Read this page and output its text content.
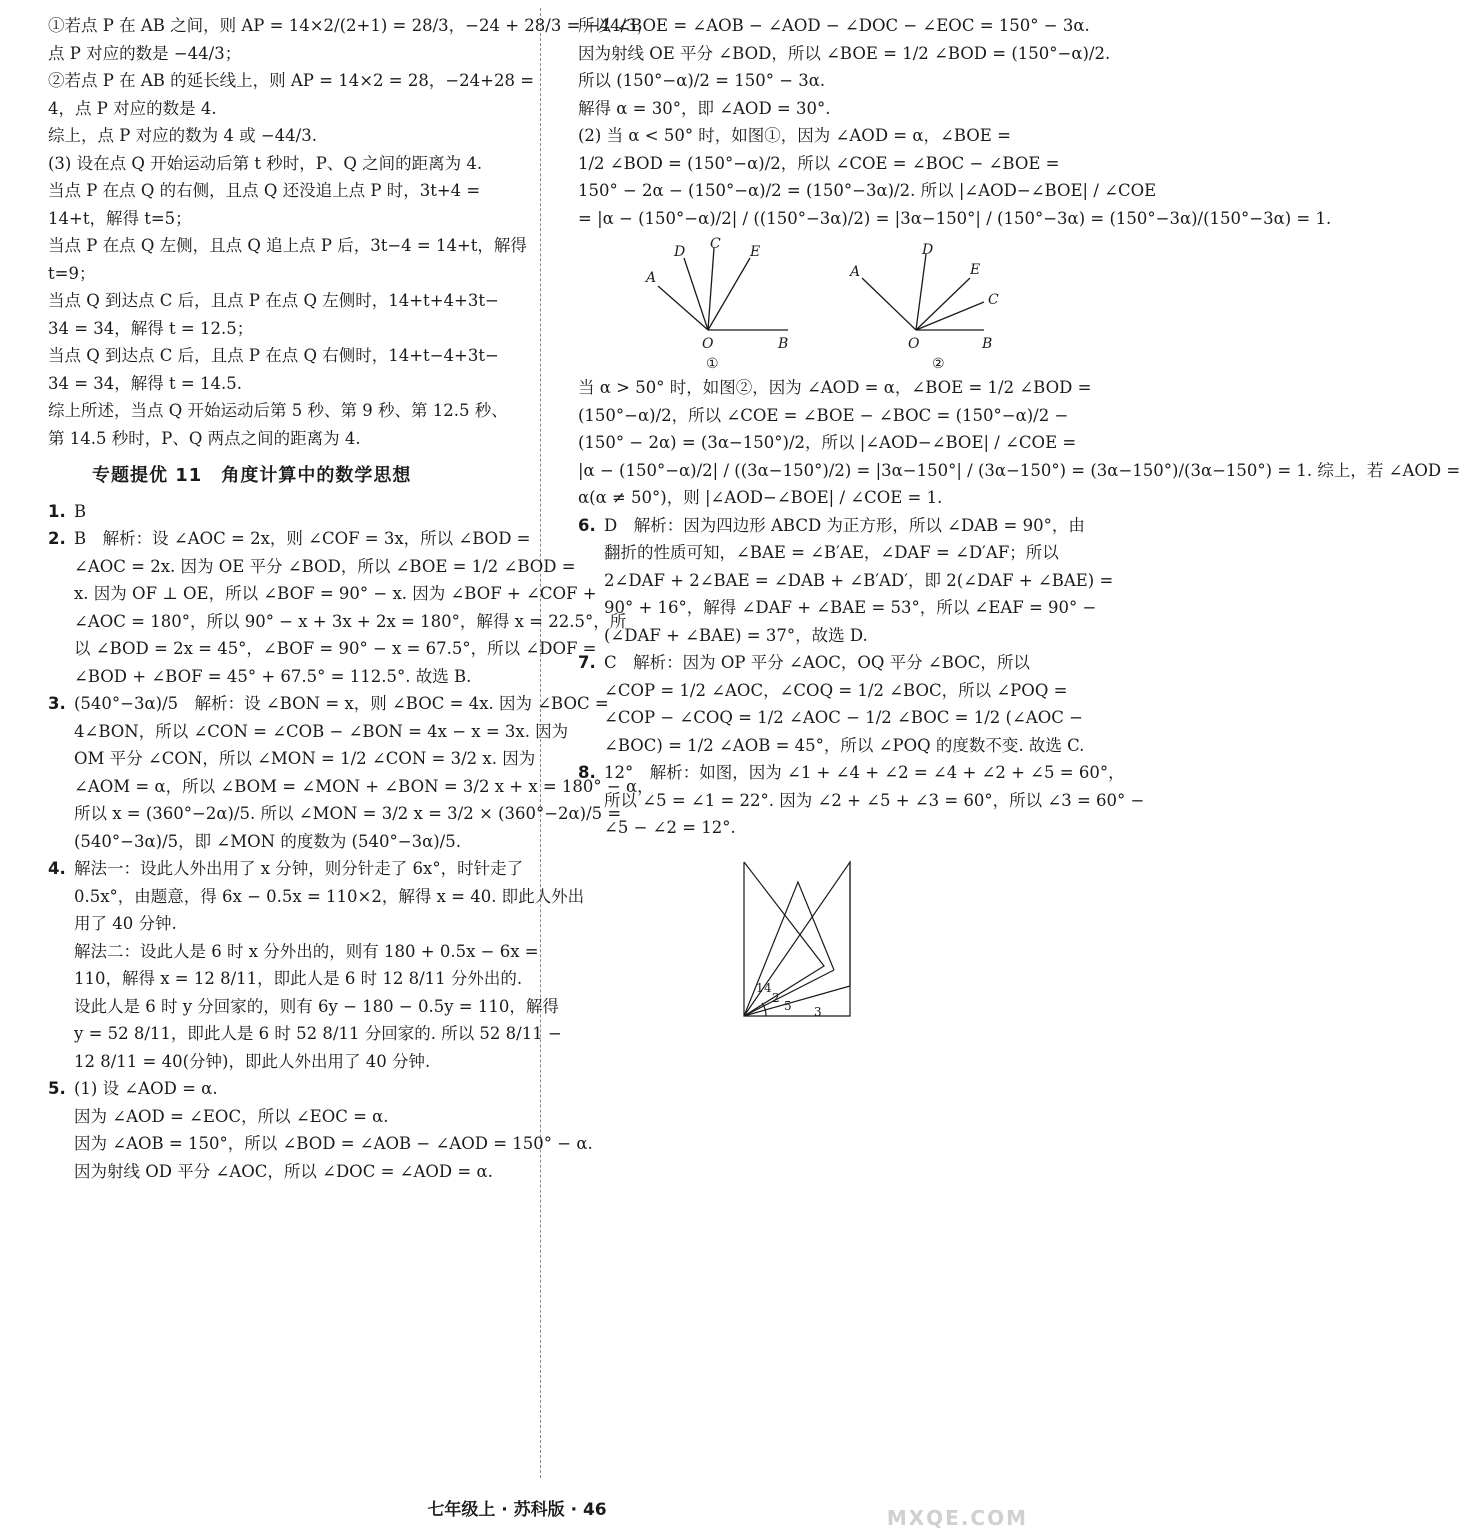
①若点 P 在 AB 之间，则 AP = 14×2/(2+1) = 28/3，−24 + 28/3 = −44/3，

点 P 对应的数是 −44/3；

②若点 P 在 AB 的延长线上，则 AP = 14×2 = 28，−24+28 =

4，点 P 对应的数是 4.

综上，点 P 对应的数为 4 或 −44/3.

(3) 设在点 Q 开始运动后第 t 秒时，P、Q 之间的距离为 4.

当点 P 在点 Q 的右侧，且点 Q 还没追上点 P 时，3t+4 =

14+t，解得 t=5；

当点 P 在点 Q 左侧，且点 Q 追上点 P 后，3t−4 = 14+t，解得

t=9；

当点 Q 到达点 C 后，且点 P 在点 Q 左侧时，14+t+4+3t−

34 = 34，解得 t = 12.5；

当点 Q 到达点 C 后，且点 P 在点 Q 右侧时，14+t−4+3t−

34 = 34，解得 t = 14.5.

综上所述，当点 Q 开始运动后第 5 秒、第 9 秒、第 12.5 秒、

第 14.5 秒时，P、Q 两点之间的距离为 4.

专题提优 11　角度计算中的数学思想
1. B

2. B　解析：设 ∠AOC = 2x，则 ∠COF = 3x，所以 ∠BOD =

∠AOC = 2x. 因为 OE 平分 ∠BOD，所以 ∠BOE = 1/2 ∠BOD =

x. 因为 OF ⊥ OE，所以 ∠BOF = 90° − x. 因为 ∠BOF + ∠COF +

∠AOC = 180°，所以 90° − x + 3x + 2x = 180°，解得 x = 22.5°，所

以 ∠BOD = 2x = 45°，∠BOF = 90° − x = 67.5°，所以 ∠DOF =

∠BOD + ∠BOF = 45° + 67.5° = 112.5°. 故选 B.

3. (540°−3α)/5　解析：设 ∠BON = x，则 ∠BOC = 4x. 因为 ∠BOC =

4∠BON，所以 ∠CON = ∠COB − ∠BON = 4x − x = 3x. 因为

OM 平分 ∠CON，所以 ∠MON = 1/2 ∠CON = 3/2 x. 因为

∠AOM = α，所以 ∠BOM = ∠MON + ∠BON = 3/2 x + x = 180° − α，

所以 x = (360°−2α)/5. 所以 ∠MON = 3/2 x = 3/2 × (360°−2α)/5 =

(540°−3α)/5，即 ∠MON 的度数为 (540°−3α)/5.

4. 解法一：设此人外出用了 x 分钟，则分针走了 6x°，时针走了

0.5x°，由题意，得 6x − 0.5x = 110×2，解得 x = 40. 即此人外出

用了 40 分钟.

解法二：设此人是 6 时 x 分外出的，则有 180 + 0.5x − 6x =

110，解得 x = 12 8/11，即此人是 6 时 12 8/11 分外出的.

设此人是 6 时 y 分回家的，则有 6y − 180 − 0.5y = 110，解得

y = 52 8/11，即此人是 6 时 52 8/11 分回家的. 所以 52 8/11 −

12 8/11 = 40(分钟)，即此人外出用了 40 分钟.

5. (1) 设 ∠AOD = α.

因为 ∠AOD = ∠EOC，所以 ∠EOC = α.

因为 ∠AOB = 150°，所以 ∠BOD = ∠AOB − ∠AOD = 150° − α.

因为射线 OD 平分 ∠AOC，所以 ∠DOC = ∠AOD = α.

所以 ∠BOE = ∠AOB − ∠AOD − ∠DOC − ∠EOC = 150° − 3α.

因为射线 OE 平分 ∠BOD，所以 ∠BOE = 1/2 ∠BOD = (150°−α)/2.

所以 (150°−α)/2 = 150° − 3α.

解得 α = 30°，即 ∠AOD = 30°.

(2) 当 α < 50° 时，如图①，因为 ∠AOD = α，∠BOE =

1/2 ∠BOD = (150°−α)/2，所以 ∠COE = ∠BOC − ∠BOE =

150° − 2α − (150°−α)/2 = (150°−3α)/2. 所以 |∠AOD−∠BOE| / ∠COE

= |α − (150°−α)/2| / ((150°−3α)/2) = |3α−150°| / (150°−3α) = (150°−3α)/(150°−3α) = 1.

A
D C E
O	B
①
A
D
E
C
O	B
②

当 α > 50° 时，如图②，因为 ∠AOD = α，∠BOE = 1/2 ∠BOD =

(150°−α)/2，所以 ∠COE = ∠BOE − ∠BOC = (150°−α)/2 −

(150° − 2α) = (3α−150°)/2，所以 |∠AOD−∠BOE| / ∠COE =

|α − (150°−α)/2| / ((3α−150°)/2) = |3α−150°| / (3α−150°) = (3α−150°)/(3α−150°) = 1. 综上，若 ∠AOD =

α(α ≠ 50°)，则 |∠AOD−∠BOE| / ∠COE = 1.

6. D　解析：因为四边形 ABCD 为正方形，所以 ∠DAB = 90°，由

翻折的性质可知，∠BAE = ∠B′AE，∠DAF = ∠D′AF；所以

2∠DAF + 2∠BAE = ∠DAB + ∠B′AD′，即 2(∠DAF + ∠BAE) =

90° + 16°，解得 ∠DAF + ∠BAE = 53°，所以 ∠EAF = 90° −

(∠DAF + ∠BAE) = 37°，故选 D.

7. C　解析：因为 OP 平分 ∠AOC，OQ 平分 ∠BOC，所以

∠COP = 1/2 ∠AOC，∠COQ = 1/2 ∠BOC，所以 ∠POQ =

∠COP − ∠COQ = 1/2 ∠AOC − 1/2 ∠BOC = 1/2 (∠AOC −

∠BOC) = 1/2 ∠AOB = 45°，所以 ∠POQ 的度数不变. 故选 C.

8. 12°　解析：如图，因为 ∠1 + ∠4 + ∠2 = ∠4 + ∠2 + ∠5 = 60°，

所以 ∠5 = ∠1 = 22°. 因为 ∠2 + ∠5 + ∠3 = 60°，所以 ∠3 = 60° −

∠5 − ∠2 = 12°.

1 4
2
5 3
七年级上 · 苏科版 · 46	MXQE.COM
